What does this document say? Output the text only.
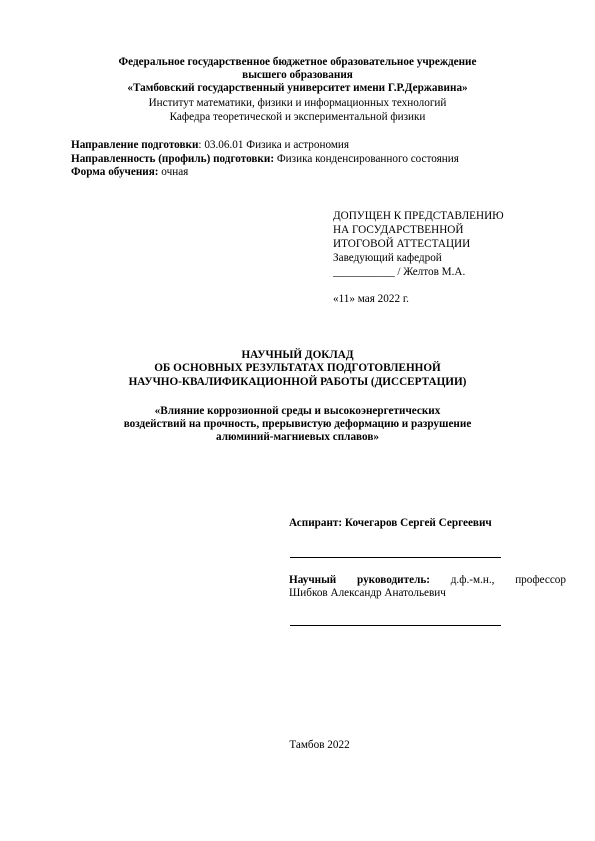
Федеральное государственное бюджетное образовательное учреждение
высшего образования
«Тамбовский государственный университет имени Г.Р.Державина»
Институт математики, физики и информационных технологий
Кафедра теоретической и экспериментальной физики
Направление подготовки: 03.06.01 Физика и астрономия
Направленность (профиль) подготовки: Физика конденсированного состояния
Форма обучения: очная
ДОПУЩЕН К ПРЕДСТАВЛЕНИЮ
НА ГОСУДАРСТВЕННОЙ
ИТОГОВОЙ АТТЕСТАЦИИ
Заведующий кафедрой
___________ / Желтов М.А.
«11» мая 2022 г.
НАУЧНЫЙ ДОКЛАД
ОБ ОСНОВНЫХ РЕЗУЛЬТАТАХ ПОДГОТОВЛЕННОЙ
НАУЧНО-КВАЛИФИКАЦИОННОЙ РАБОТЫ (ДИССЕРТАЦИИ)
«Влияние коррозионной среды и высокоэнергетических
воздействий на прочность, прерывистую деформацию и разрушение
алюминий-магниевых сплавов»
Аспирант: Кочегаров Сергей Сергеевич
Научный руководитель: д.ф.-м.н., профессор
Шибков Александр Анатольевич
Тамбов 2022
